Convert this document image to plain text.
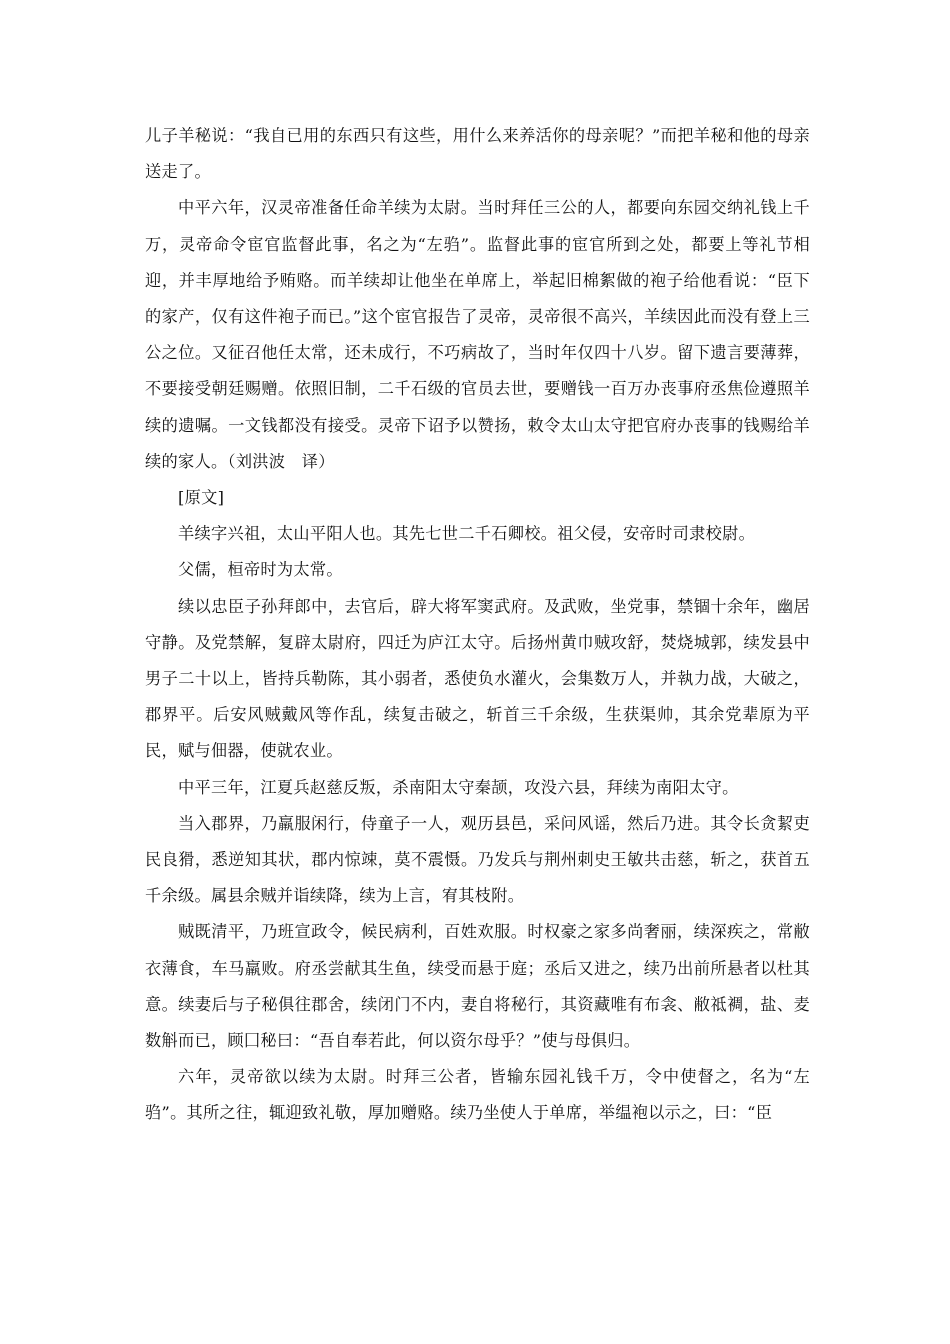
儿子羊秘说：“我自已用的东西只有这些，用什么来养活你的母亲呢？”而把羊秘和他的母亲送走了。

中平六年，汉灵帝准备任命羊续为太尉。当时拜任三公的人，都要向东园交纳礼钱上千万，灵帝命令宦官监督此事，名之为“左驺”。监督此事的宦官所到之处，都要上等礼节相迎，并丰厚地给予贿赂。而羊续却让他坐在单席上，举起旧棉絮做的袍子给他看说：“臣下的家产，仅有这件袍子而已。”这个宦官报告了灵帝，灵帝很不高兴，羊续因此而没有登上三公之位。又征召他任太常，还未成行，不巧病故了，当时年仅四十八岁。留下遗言要薄葬，不要接受朝廷赐赠。依照旧制，二千石级的官员去世，要赠钱一百万办丧事府丞焦俭遵照羊续的遗嘱。一文钱都没有接受。灵帝下诏予以赞扬，敕令太山太守把官府办丧事的钱赐给羊续的家人。（刘洪波　译）

[原文]

羊续字兴祖，太山平阳人也。其先七世二千石卿校。祖父侵，安帝时司隶校尉。

父儒，桓帝时为太常。

续以忠臣子孙拜郎中，去官后，辟大将军窦武府。及武败，坐党事，禁锢十余年，幽居守静。及党禁解，复辟太尉府，四迁为庐江太守。后扬州黄巾贼攻舒，焚烧城郭，续发县中男子二十以上，皆持兵勒陈，其小弱者，悉使负水灌火，会集数万人，并執力战，大破之，郡界平。后安风贼戴风等作乱，续复击破之，斩首三千余级，生获渠帅，其余党辈原为平民，赋与佃器，使就农业。

中平三年，江夏兵赵慈反叛，杀南阳太守秦颉，攻没六县，拜续为南阳太守。

当入郡界，乃羸服闲行，侍童子一人，观历县邑，采问风谣，然后乃进。其令长贪絜吏民良猾，悉逆知其状，郡内惊竦，莫不震慑。乃发兵与荆州刺史王敏共击慈，斩之，获首五千余级。属县余贼并诣续降，续为上言，宥其枝附。

贼既清平，乃班宣政令，候民病利，百姓欢服。时权豪之家多尚奢丽，续深疾之，常敝衣薄食，车马羸败。府丞尝献其生鱼，续受而悬于庭；丞后又进之，续乃出前所悬者以杜其意。续妻后与子秘俱往郡舍，续闭门不内，妻自将秘行，其资藏唯有布衾、敝祗裯，盐、麦数斛而已，顾囗秘曰：“吾自奉若此，何以资尔母乎？”使与母俱归。

六年，灵帝欲以续为太尉。时拜三公者，皆输东园礼钱千万，令中使督之，名为“左驺”。其所之往，辄迎致礼敬，厚加赠赂。续乃坐使人于单席，举缊袍以示之，曰：“臣
